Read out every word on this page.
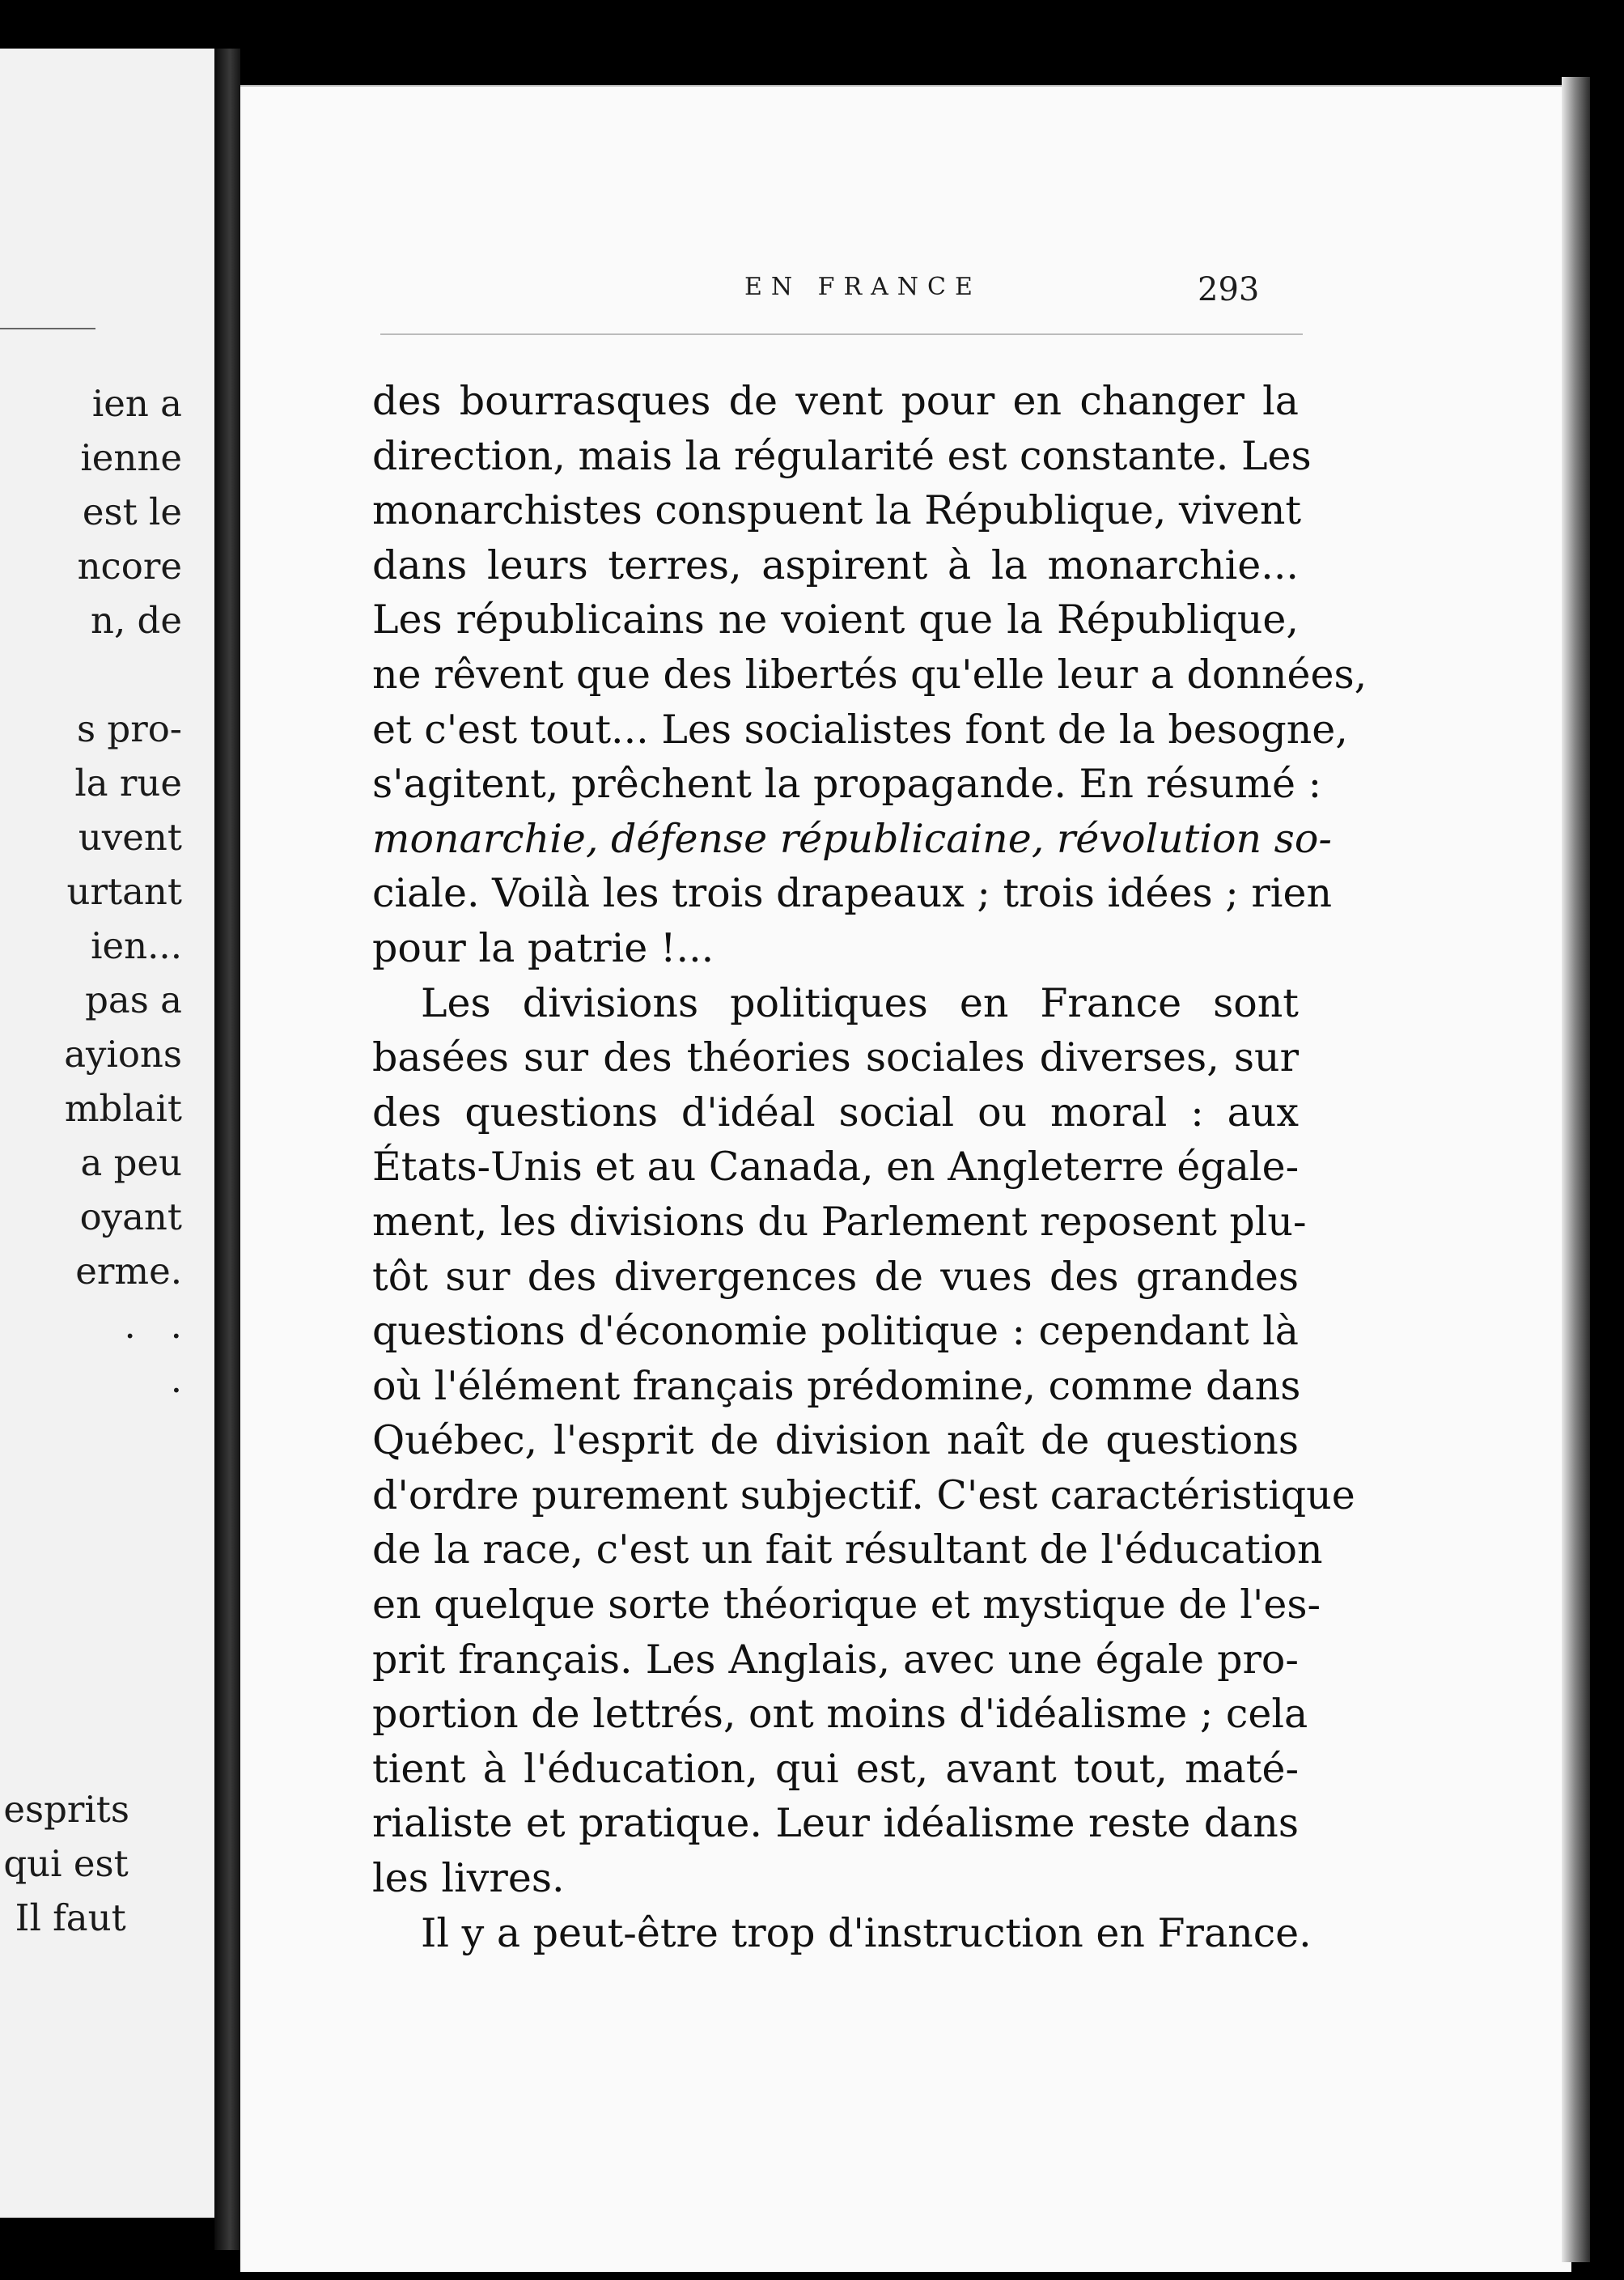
ien a
ienne
est le
ncore
n, de
s pro-
la rue
uvent
urtant
ien...
pas a
ayions
mblait
a peu
oyant
erme.
.   .
.
esprits
qui est
Il faut
EN FRANCE	293
des bourrasques de vent pour en changer la
direction, mais la régularité est constante. Les
monarchistes conspuent la République, vivent
dans leurs terres, aspirent à la monarchie...
Les républicains ne voient que la République,
ne rêvent que des libertés qu'elle leur a données,
et c'est tout... Les socialistes font de la besogne,
s'agitent, prêchent la propagande. En résumé :
monarchie, défense républicaine, révolution so-
ciale. Voilà les trois drapeaux ; trois idées ; rien
pour la patrie !...
Les divisions politiques en France sont
basées sur des théories sociales diverses, sur
des questions d'idéal social ou moral : aux
États-Unis et au Canada, en Angleterre égale-
ment, les divisions du Parlement reposent plu-
tôt sur des divergences de vues des grandes
questions d'économie politique : cependant là
où l'élément français prédomine, comme dans
Québec, l'esprit de division naît de questions
d'ordre purement subjectif. C'est caractéristique
de la race, c'est un fait résultant de l'éducation
en quelque sorte théorique et mystique de l'es-
prit français. Les Anglais, avec une égale pro-
portion de lettrés, ont moins d'idéalisme ; cela
tient à l'éducation, qui est, avant tout, maté-
rialiste et pratique. Leur idéalisme reste dans
les livres.
Il y a peut-être trop d'instruction en France.
